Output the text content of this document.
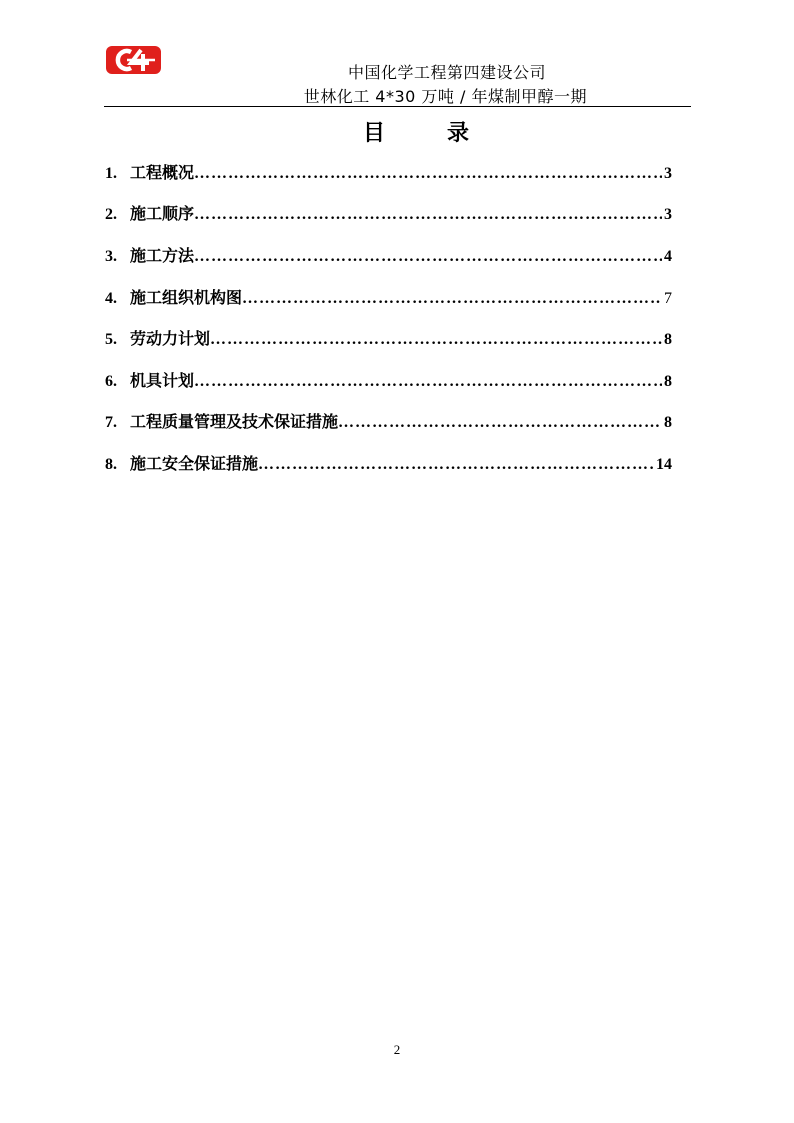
中国化学工程第四建设公司
世林化工 4*30 万吨 / 年煤制甲醇一期
目	录
1. 工程概况 ………………………………………………………………………………………………………………………………	3
2. 施工顺序 ………………………………………………………………………………………………………………………………	3
3. 施工方法 ………………………………………………………………………………………………………………………………	4
4. 施工组织机构图 ………………………………………………………………………………………………………………………………	7
5. 劳动力计划 ………………………………………………………………………………………………………………………………	8
6. 机具计划 ………………………………………………………………………………………………………………………………	8
7. 工程质量管理及技术保证措施 ………………………………………………………………………………………………………………………………	8
8. 施工安全保证措施 ………………………………………………………………………………………………………………………………	14
2
